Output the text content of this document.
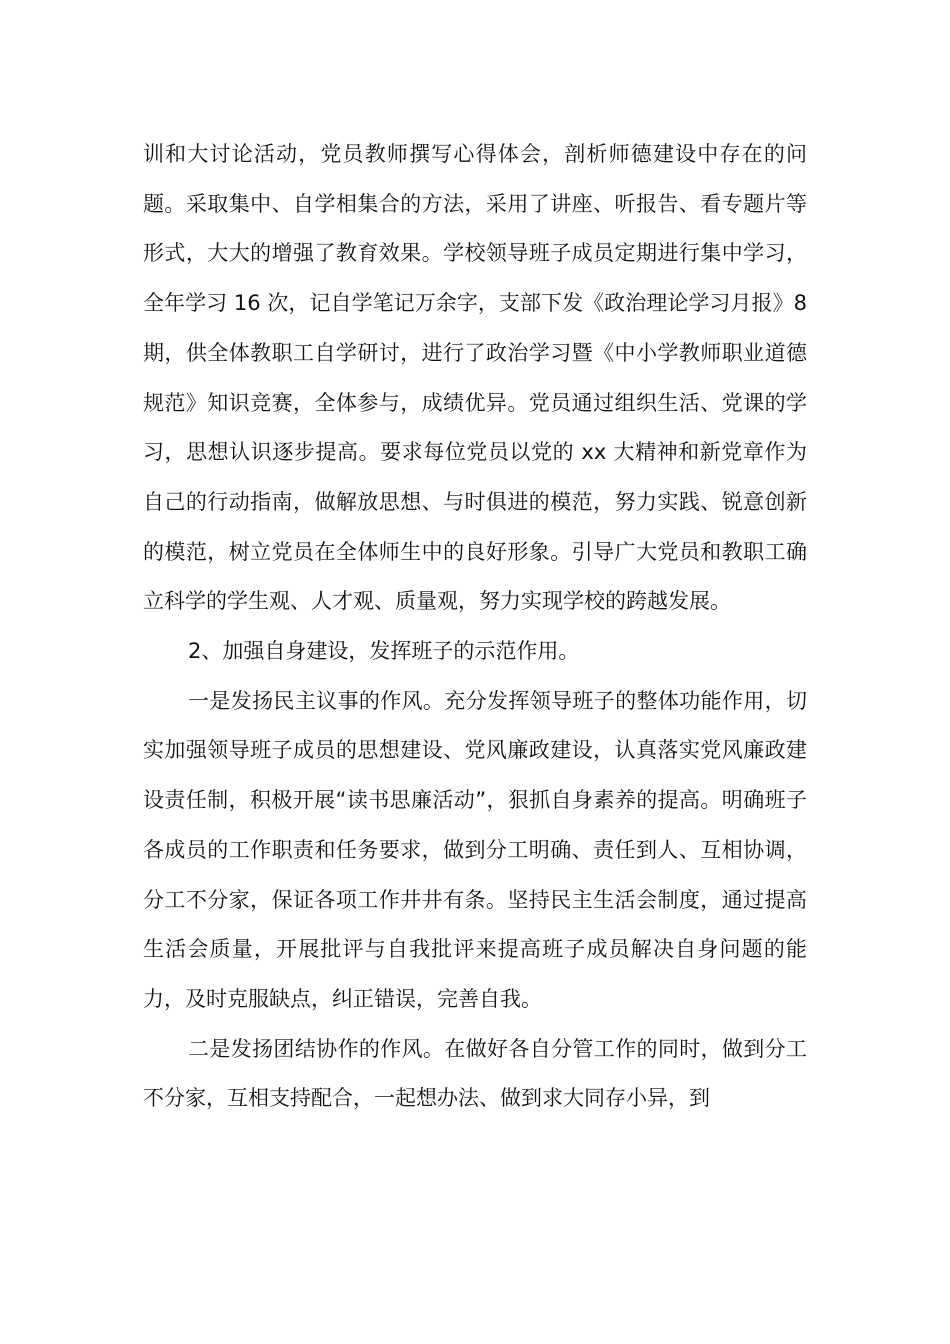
训和大讨论活动，党员教师撰写心得体会，剖析师德建设中存在的问题。采取集中、自学相集合的方法，采用了讲座、听报告、看专题片等形式，大大的增强了教育效果。学校领导班子成员定期进行集中学习，全年学习 16 次，记自学笔记万余字，支部下发《政治理论学习月报》8 期，供全体教职工自学研讨，进行了政治学习暨《中小学教师职业道德规范》知识竞赛，全体参与，成绩优异。党员通过组织生活、党课的学习，思想认识逐步提高。要求每位党员以党的 xx 大精神和新党章作为自己的行动指南，做解放思想、与时俱进的模范，努力实践、锐意创新的模范，树立党员在全体师生中的良好形象。引导广大党员和教职工确立科学的学生观、人才观、质量观，努力实现学校的跨越发展。

2、加强自身建设，发挥班子的示范作用。

一是发扬民主议事的作风。充分发挥领导班子的整体功能作用，切实加强领导班子成员的思想建设、党风廉政建设，认真落实党风廉政建设责任制，积极开展“读书思廉活动”，狠抓自身素养的提高。明确班子各成员的工作职责和任务要求，做到分工明确、责任到人、互相协调，分工不分家，保证各项工作井井有条。坚持民主生活会制度，通过提高生活会质量，开展批评与自我批评来提高班子成员解决自身问题的能力，及时克服缺点，纠正错误，完善自我。

二是发扬团结协作的作风。在做好各自分管工作的同时，做到分工不分家，互相支持配合，一起想办法、做到求大同存小异，到
